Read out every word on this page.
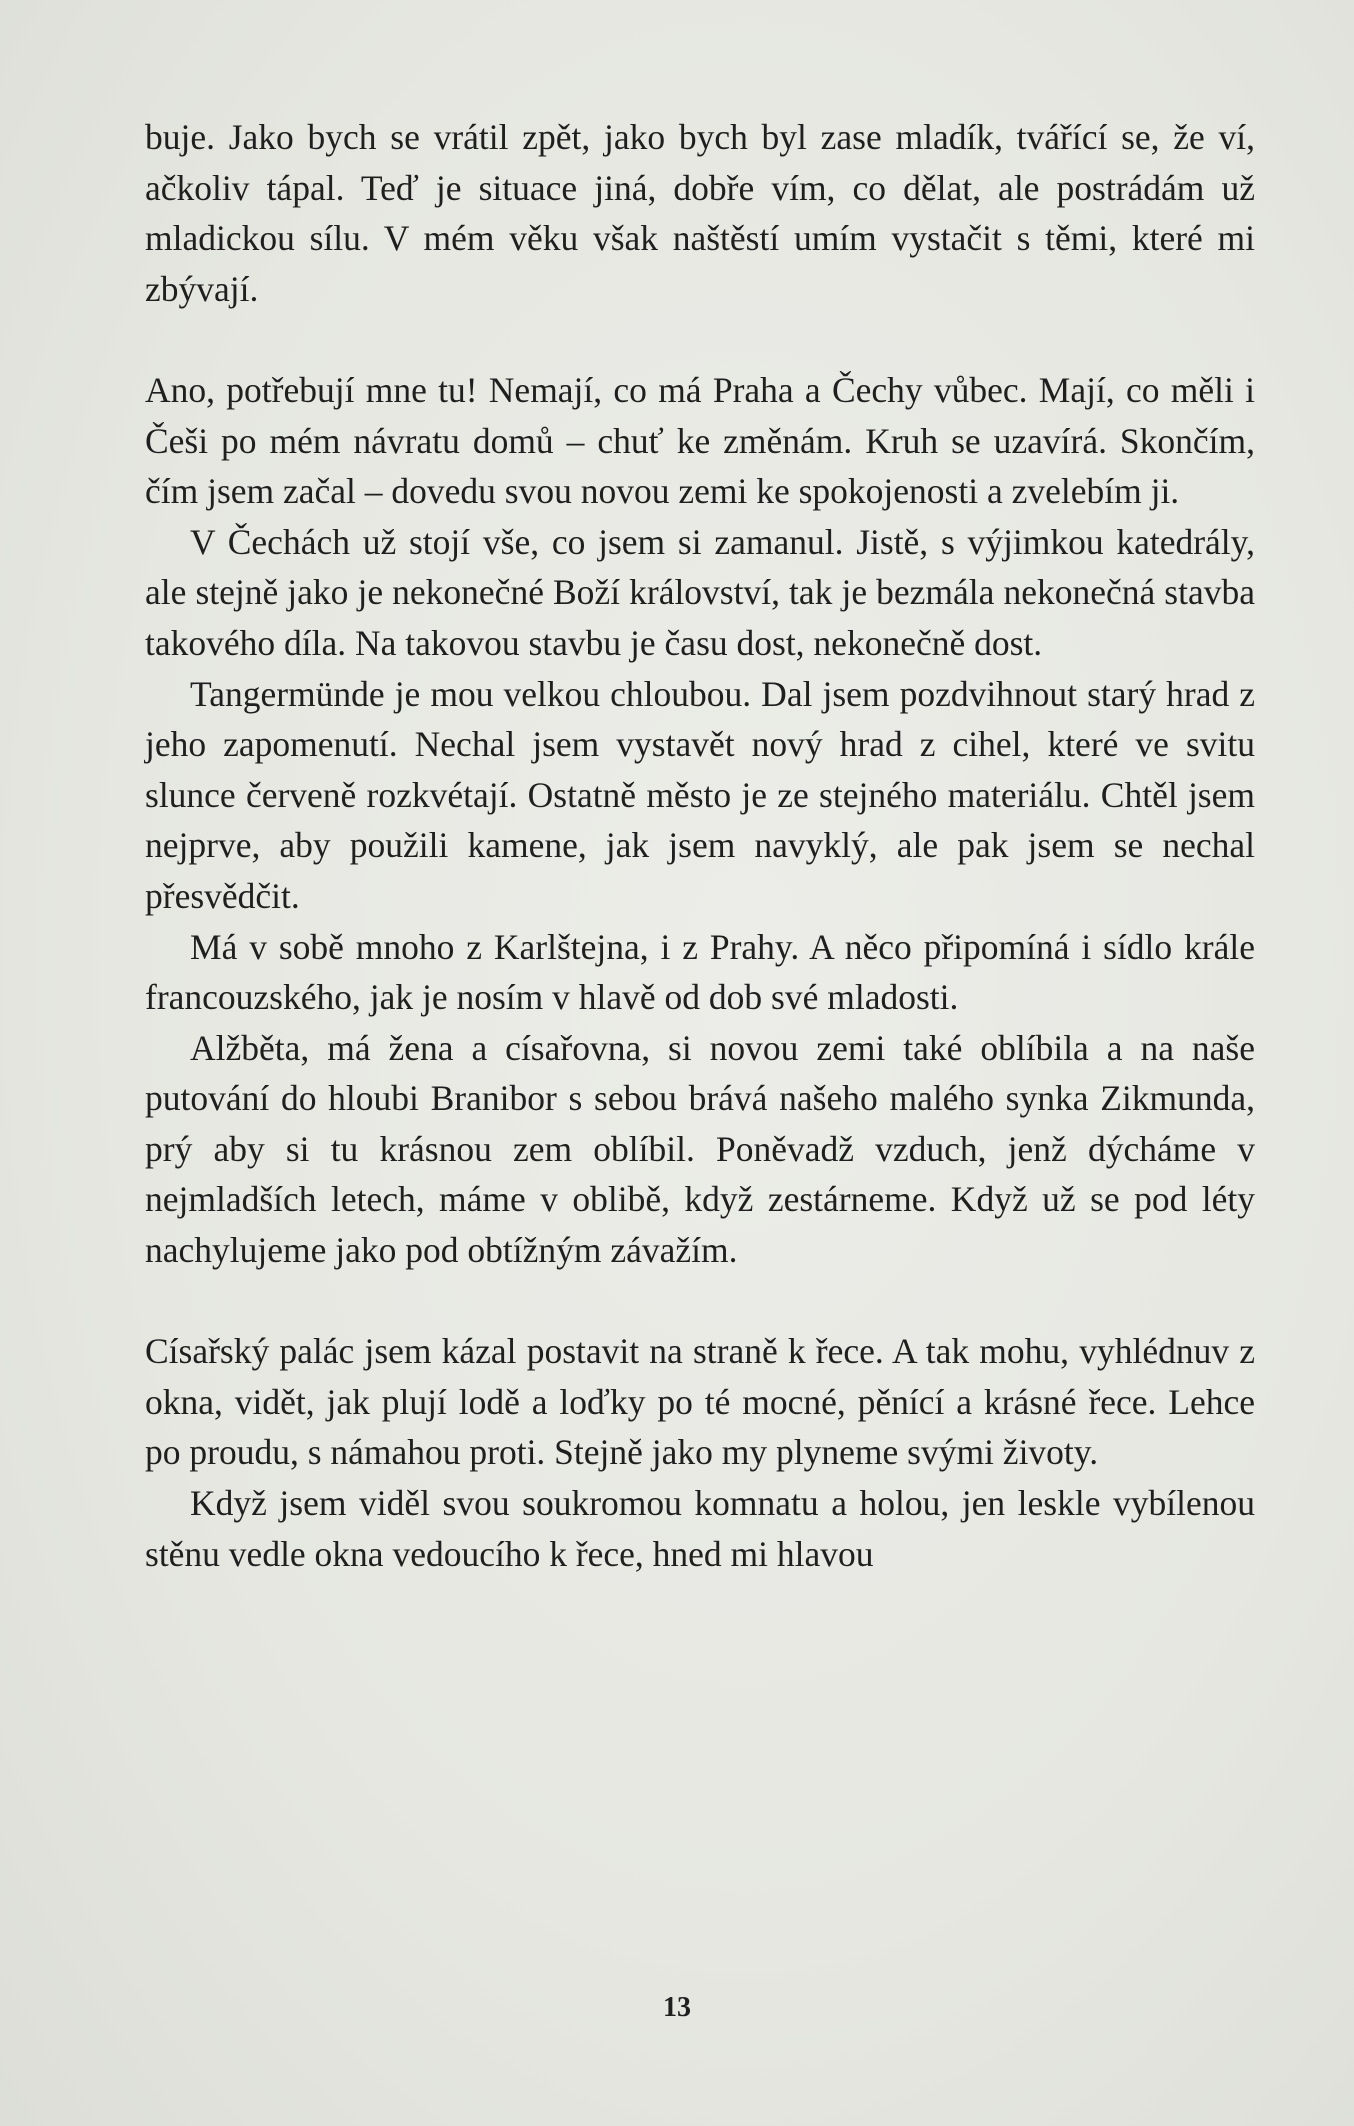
buje. Jako bych se vrátil zpět, jako bych byl zase mladík, tvářící se, že ví, ačkoliv tápal. Teď je situace jiná, dobře vím, co dělat, ale postrádám už mladickou sílu. V mém věku však naštěstí umím vystačit s těmi, které mi zbývají.

Ano, potřebují mne tu! Nemají, co má Praha a Čechy vůbec. Mají, co měli i Češi po mém návratu domů – chuť ke změnám. Kruh se uzavírá. Skončím, čím jsem začal – dovedu svou novou zemi ke spokojenosti a zvelebím ji.

V Čechách už stojí vše, co jsem si zamanul. Jistě, s výjimkou katedrály, ale stejně jako je nekonečné Boží království, tak je bezmála nekonečná stavba takového díla. Na takovou stavbu je času dost, nekonečně dost.

Tangermünde je mou velkou chloubou. Dal jsem pozdvihnout starý hrad z jeho zapomenutí. Nechal jsem vystavět nový hrad z cihel, které ve svitu slunce červeně rozkvétají. Ostatně město je ze stejného materiálu. Chtěl jsem nejprve, aby použili kamene, jak jsem navyklý, ale pak jsem se nechal přesvědčit.

Má v sobě mnoho z Karlštejna, i z Prahy. A něco připomíná i sídlo krále francouzského, jak je nosím v hlavě od dob své mladosti.

Alžběta, má žena a císařovna, si novou zemi také oblíbila a na naše putování do hloubi Branibor s sebou brává našeho malého synka Zikmunda, prý aby si tu krásnou zem oblíbil. Poněvadž vzduch, jenž dýcháme v nejmladších letech, máme v oblibě, když zestárneme. Když už se pod léty nachylujeme jako pod obtížným závažím.

Císařský palác jsem kázal postavit na straně k řece. A tak mohu, vyhlédnuv z okna, vidět, jak plují lodě a loďky po té mocné, pěnící a krásné řece. Lehce po proudu, s námahou proti. Stejně jako my plyneme svými životy.

Když jsem viděl svou soukromou komnatu a holou, jen leskle vybílenou stěnu vedle okna vedoucího k řece, hned mi hlavou

13
